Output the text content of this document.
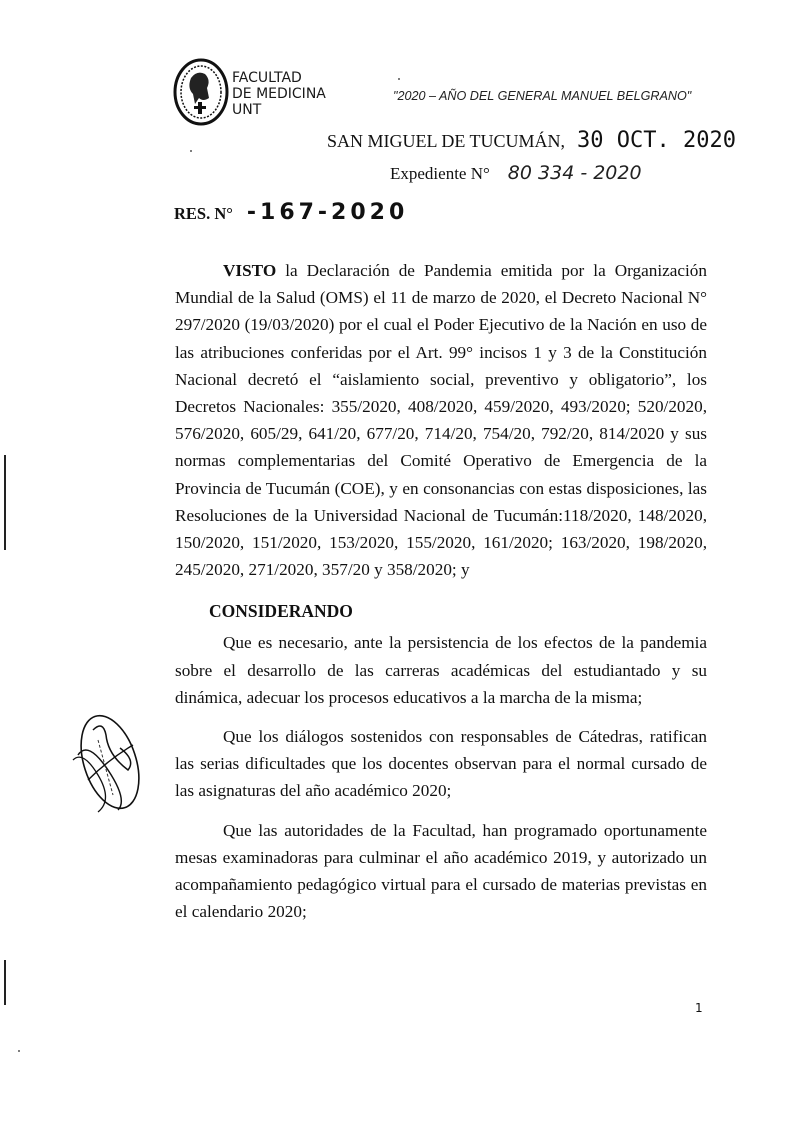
FACULTAD
DE MEDICINA
UNT
"2020 – AÑO DEL GENERAL MANUEL BELGRANO"
SAN MIGUEL DE TUCUMÁN, 30 OCT. 2020
Expediente N° 80 334 - 2020
RES. N° -167-2020

VISTO la Declaración de Pandemia emitida por la Organización Mundial de la Salud (OMS) el 11 de marzo de 2020, el Decreto Nacional N° 297/2020 (19/03/2020) por el cual el Poder Ejecutivo de la Nación en uso de las atribuciones conferidas por el Art. 99° incisos 1 y 3 de la Constitución Nacional decretó el “aislamiento social, preventivo y obligatorio”, los Decretos Nacionales: 355/2020, 408/2020, 459/2020, 493/2020; 520/2020, 576/2020, 605/29, 641/20, 677/20, 714/20, 754/20, 792/20, 814/2020 y sus normas complementarias del Comité Operativo de Emergencia de la Provincia de Tucumán (COE), y en consonancias con estas disposiciones, las Resoluciones de la Universidad Nacional de Tucumán:118/2020, 148/2020, 150/2020, 151/2020, 153/2020, 155/2020, 161/2020; 163/2020, 198/2020, 245/2020, 271/2020, 357/20 y 358/2020; y

CONSIDERANDO

Que es necesario, ante la persistencia de los efectos de la pandemia sobre el desarrollo de las carreras académicas del estudiantado y su dinámica, adecuar los procesos educativos a la marcha de la misma;

Que los diálogos sostenidos con responsables de Cátedras, ratifican las serias dificultades que los docentes observan para el normal cursado de las asignaturas del año académico 2020;

Que las autoridades de la Facultad, han programado oportunamente mesas examinadoras para culminar el año académico 2019, y autorizado un acompañamiento pedagógico virtual para el cursado de materias previstas en el calendario 2020;

1
